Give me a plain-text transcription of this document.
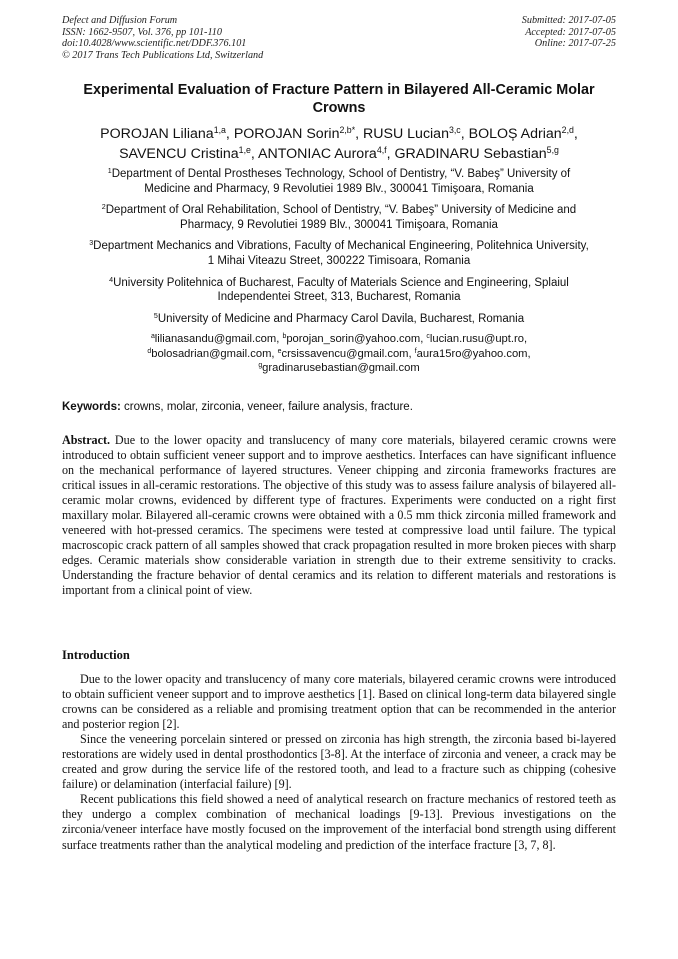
Defect and Diffusion Forum
ISSN: 1662-9507, Vol. 376, pp 101-110
doi:10.4028/www.scientific.net/DDF.376.101
© 2017 Trans Tech Publications Ltd, Switzerland
Submitted: 2017-07-05
Accepted: 2017-07-05
Online: 2017-07-25
Experimental Evaluation of Fracture Pattern in Bilayered All-Ceramic Molar Crowns
POROJAN Liliana$^{1,a}$, POROJAN Sorin$^{2,b*}$, RUSU Lucian$^{3,c}$, BOLOȘ Adrian$^{2,d}$,
SAVENCU Cristina$^{1,e}$, ANTONIAC Aurora$^{4,f}$, GRADINARU Sebastian$^{5,g}$
$^1$Department of Dental Prostheses Technology, School of Dentistry, “V. Babeş” University of
Medicine and Pharmacy, 9 Revolutiei 1989 Blv., 300041 Timişoara, Romania
$^2$Department of Oral Rehabilitation, School of Dentistry, “V. Babeş” University of Medicine and
Pharmacy, 9 Revolutiei 1989 Blv., 300041 Timişoara, Romania
$^3$Department Mechanics and Vibrations, Faculty of Mechanical Engineering, Politehnica University,
1 Mihai Viteazu Street, 300222 Timisoara, Romania
$^4$University Politehnica of Bucharest, Faculty of Materials Science and Engineering, Splaiul
Independentei Street, 313, Bucharest, Romania
$^5$University of Medicine and Pharmacy Carol Davila, Bucharest, Romania
$^a$lilianasandu@gmail.com, $^b$porojan_sorin@yahoo.com, $^c$lucian.rusu@upt.ro,
$^d$bolosadrian@gmail.com, $^e$crsissavencu@gmail.com, $^f$aura15ro@yahoo.com,
$^g$gradinarusebastian@gmail.com
Keywords: crowns, molar, zirconia, veneer, failure analysis, fracture.
Abstract. Due to the lower opacity and translucency of many core materials, bilayered ceramic crowns were introduced to obtain sufficient veneer support and to improve aesthetics. Interfaces can have significant influence on the mechanical performance of layered structures. Veneer chipping and zirconia frameworks fractures are critical issues in all-ceramic restorations. The objective of this study was to assess failure analysis of bilayered all-ceramic molar crowns, evidenced by different type of fractures. Experiments were conducted on a right first maxillary molar. Bilayered all-ceramic crowns were obtained with a 0.5 mm thick zirconia milled framework and veneered with hot-pressed ceramics. The specimens were tested at compressive load until failure. The typical macroscopic crack pattern of all samples showed that crack propagation resulted in more broken pieces with sharp edges. Ceramic materials show considerable variation in strength due to their extreme sensitivity to cracks. Understanding the fracture behavior of dental ceramics and its relation to different materials and restorations is important from a clinical point of view.
Introduction

Due to the lower opacity and translucency of many core materials, bilayered ceramic crowns were introduced to obtain sufficient veneer support and to improve aesthetics [1]. Based on clinical long-term data bilayered single crowns can be considered as a reliable and promising treatment option that can be recommended in the anterior and posterior region [2].

Since the veneering porcelain sintered or pressed on zirconia has high strength, the zirconia based bi-layered restorations are widely used in dental prosthodontics [3-8]. At the interface of zirconia and veneer, a crack may be created and grow during the service life of the restored tooth, and lead to a fracture such as chipping (cohesive failure) or delamination (interfacial failure) [9].

Recent publications this field showed a need of analytical research on fracture mechanics of restored teeth as they undergo a complex combination of mechanical loadings [9-13]. Previous investigations on the zirconia/veneer interface have mostly focused on the improvement of the interfacial bond strength using different surface treatments rather than the analytical modeling and prediction of the interface fracture [3, 7, 8].
